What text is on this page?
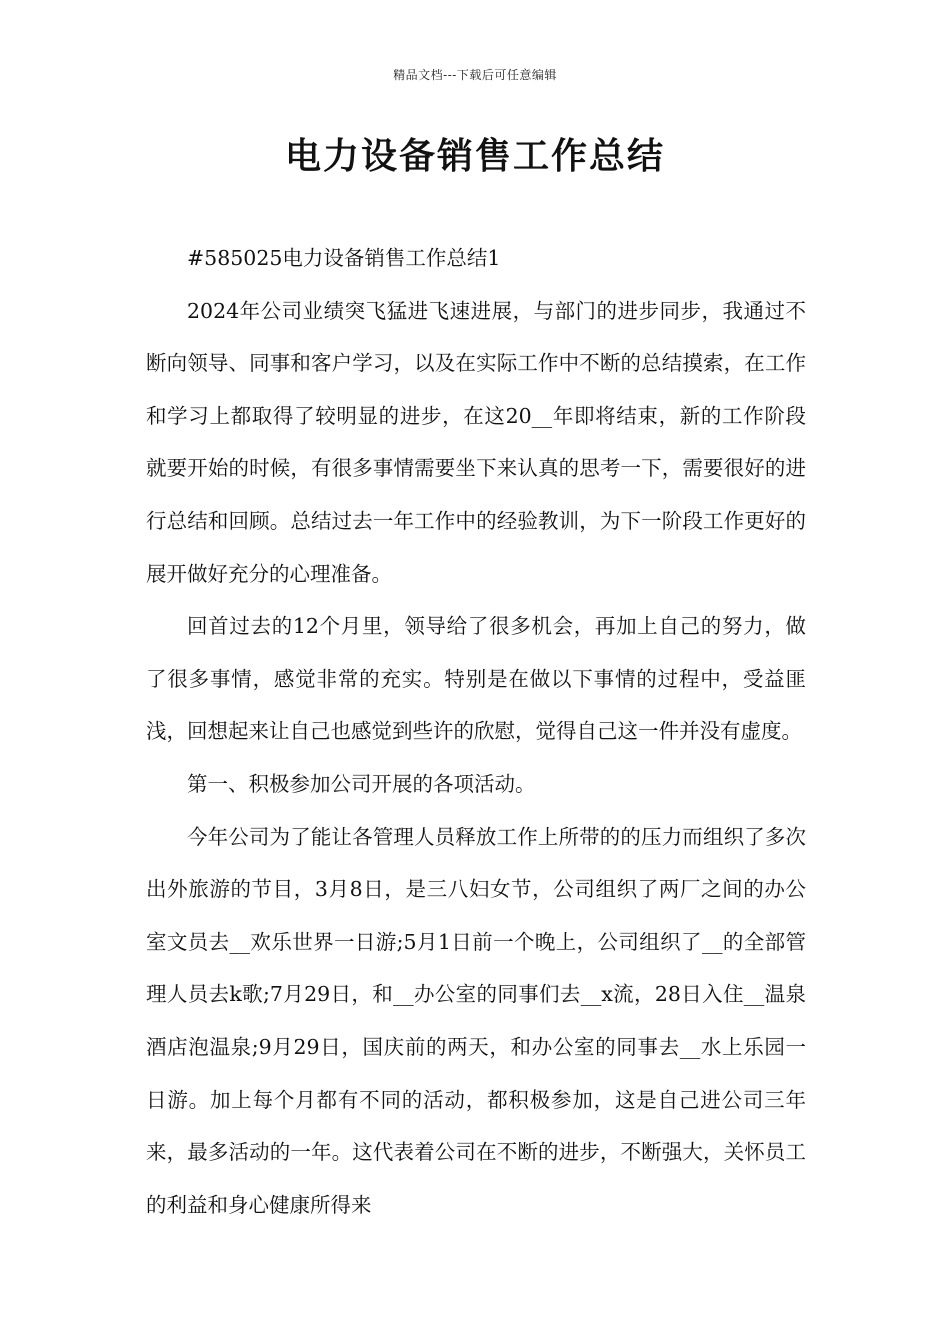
精品文档---下载后可任意编辑
电力设备销售工作总结

#585025电力设备销售工作总结1

2024年公司业绩突飞猛进飞速进展，与部门的进步同步，我通过不断向领导、同事和客户学习，以及在实际工作中不断的总结摸索，在工作和学习上都取得了较明显的进步，在这20__年即将结束，新的工作阶段就要开始的时候，有很多事情需要坐下来认真的思考一下，需要很好的进行总结和回顾。总结过去一年工作中的经验教训，为下一阶段工作更好的展开做好充分的心理准备。

回首过去的12个月里，领导给了很多机会，再加上自己的努力，做了很多事情，感觉非常的充实。特别是在做以下事情的过程中，受益匪浅，回想起来让自己也感觉到些许的欣慰，觉得自己这一件并没有虚度。

第一、积极参加公司开展的各项活动。

今年公司为了能让各管理人员释放工作上所带的的压力而组织了多次出外旅游的节目，3月8日，是三八妇女节，公司组织了两厂之间的办公室文员去__欢乐世界一日游;5月1日前一个晚上，公司组织了__的全部管理人员去k歌;7月29日，和__办公室的同事们去__x流，28日入住__温泉酒店泡温泉;9月29日，国庆前的两天，和办公室的同事去__水上乐园一日游。加上每个月都有不同的活动，都积极参加，这是自己进公司三年来，最多活动的一年。这代表着公司在不断的进步，不断强大，关怀员工的利益和身心健康所得来
